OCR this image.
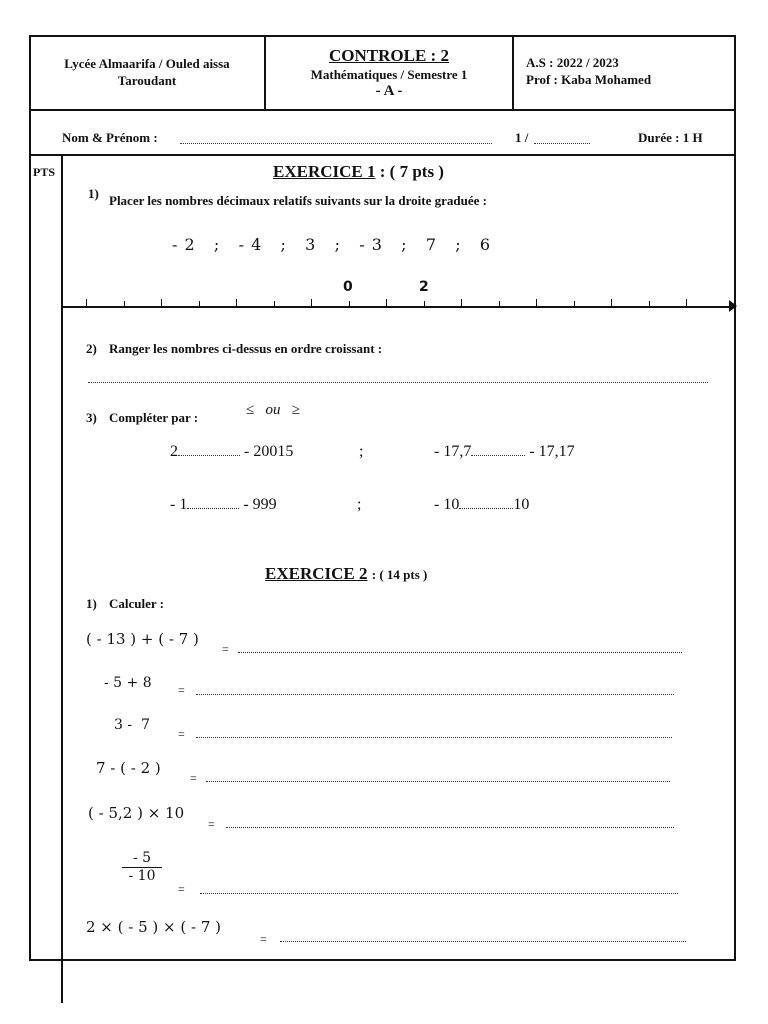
Lycée Almaarifa / Ouled aissa
Taroudant
CONTROLE : 2
Mathématiques / Semestre 1
- A -
A.S : 2022 / 2023
Prof : Kaba Mohamed
Nom & Prénom :	1 /	Durée : 1 H
PTS	EXERCICE 1 : ( 7 pts )
1) Placer les nombres décimaux relatifs suivants sur la droite graduée :
- 2   ;   - 4   ;   3   ;   - 3   ;   7   ;   6
0	2
2) Ranger les nombres ci-dessus en ordre croissant :
3) Compléter par :	≤   ou   ≥
2	- 20015	;	- 17,7	- 17,17
- 1	- 999	;	- 10	10
EXERCICE 2 : ( 14 pts )
1) Calculer :
( - 13 ) + ( - 7 )
=
- 5 + 8 =
3 -  7
=
7 - ( - 2 )
=
( - 5,2 ) × 10
=
$\frac{- 5}{- 10}$
=
2 × ( - 5 ) × ( - 7 )
=
